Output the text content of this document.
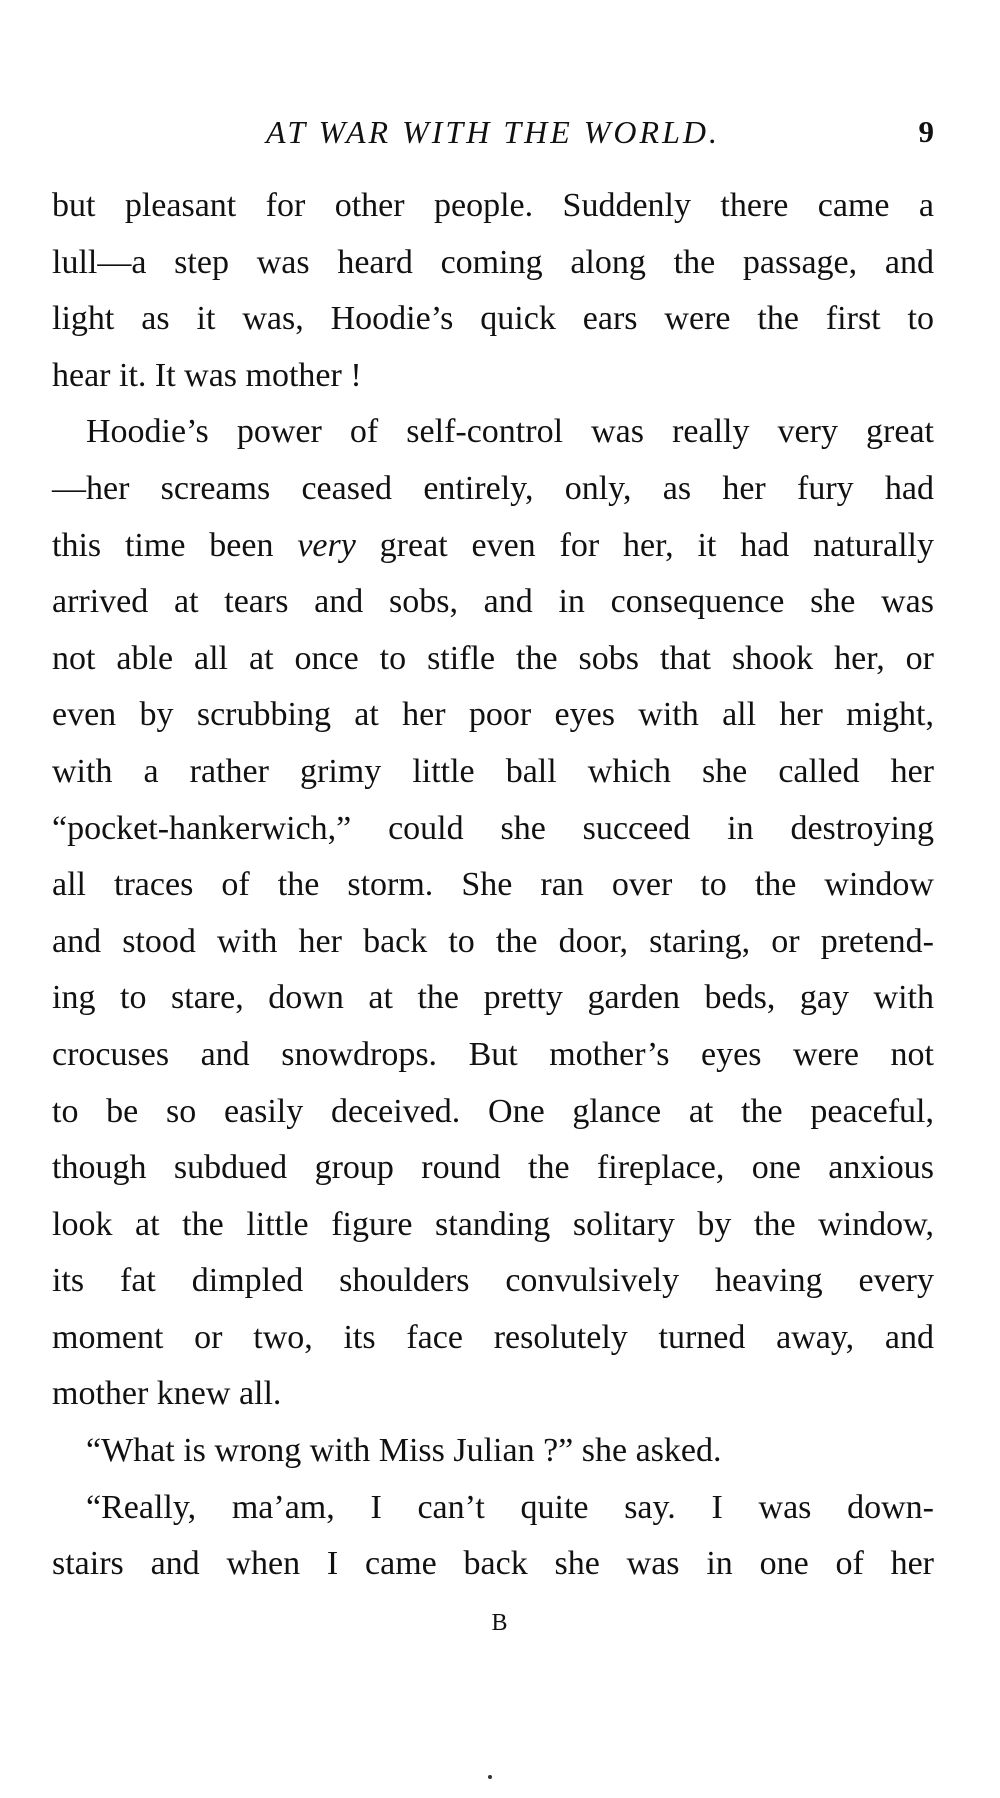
AT WAR WITH THE WORLD.	9

but pleasant for other people. Suddenly there came a
lull—a step was heard coming along the passage, and
light as it was, Hoodie’s quick ears were the first to
hear it. It was mother !

Hoodie’s power of self-control was really very great
—her screams ceased entirely, only, as her fury had
this time been very great even for her, it had naturally
arrived at tears and sobs, and in consequence she was
not able all at once to stifle the sobs that shook her, or
even by scrubbing at her poor eyes with all her might,
with a rather grimy little ball which she called her
“pocket-hankerwich,” could she succeed in destroying
all traces of the storm. She ran over to the window
and stood with her back to the door, staring, or pretend-
ing to stare, down at the pretty garden beds, gay with
crocuses and snowdrops. But mother’s eyes were not
to be so easily deceived. One glance at the peaceful,
though subdued group round the fireplace, one anxious
look at the little figure standing solitary by the window,
its fat dimpled shoulders convulsively heaving every
moment or two, its face resolutely turned away, and
mother knew all.

“What is wrong with Miss Julian ?” she asked.

“Really, ma’am, I can’t quite say. I was down-
stairs and when I came back she was in one of her

B
